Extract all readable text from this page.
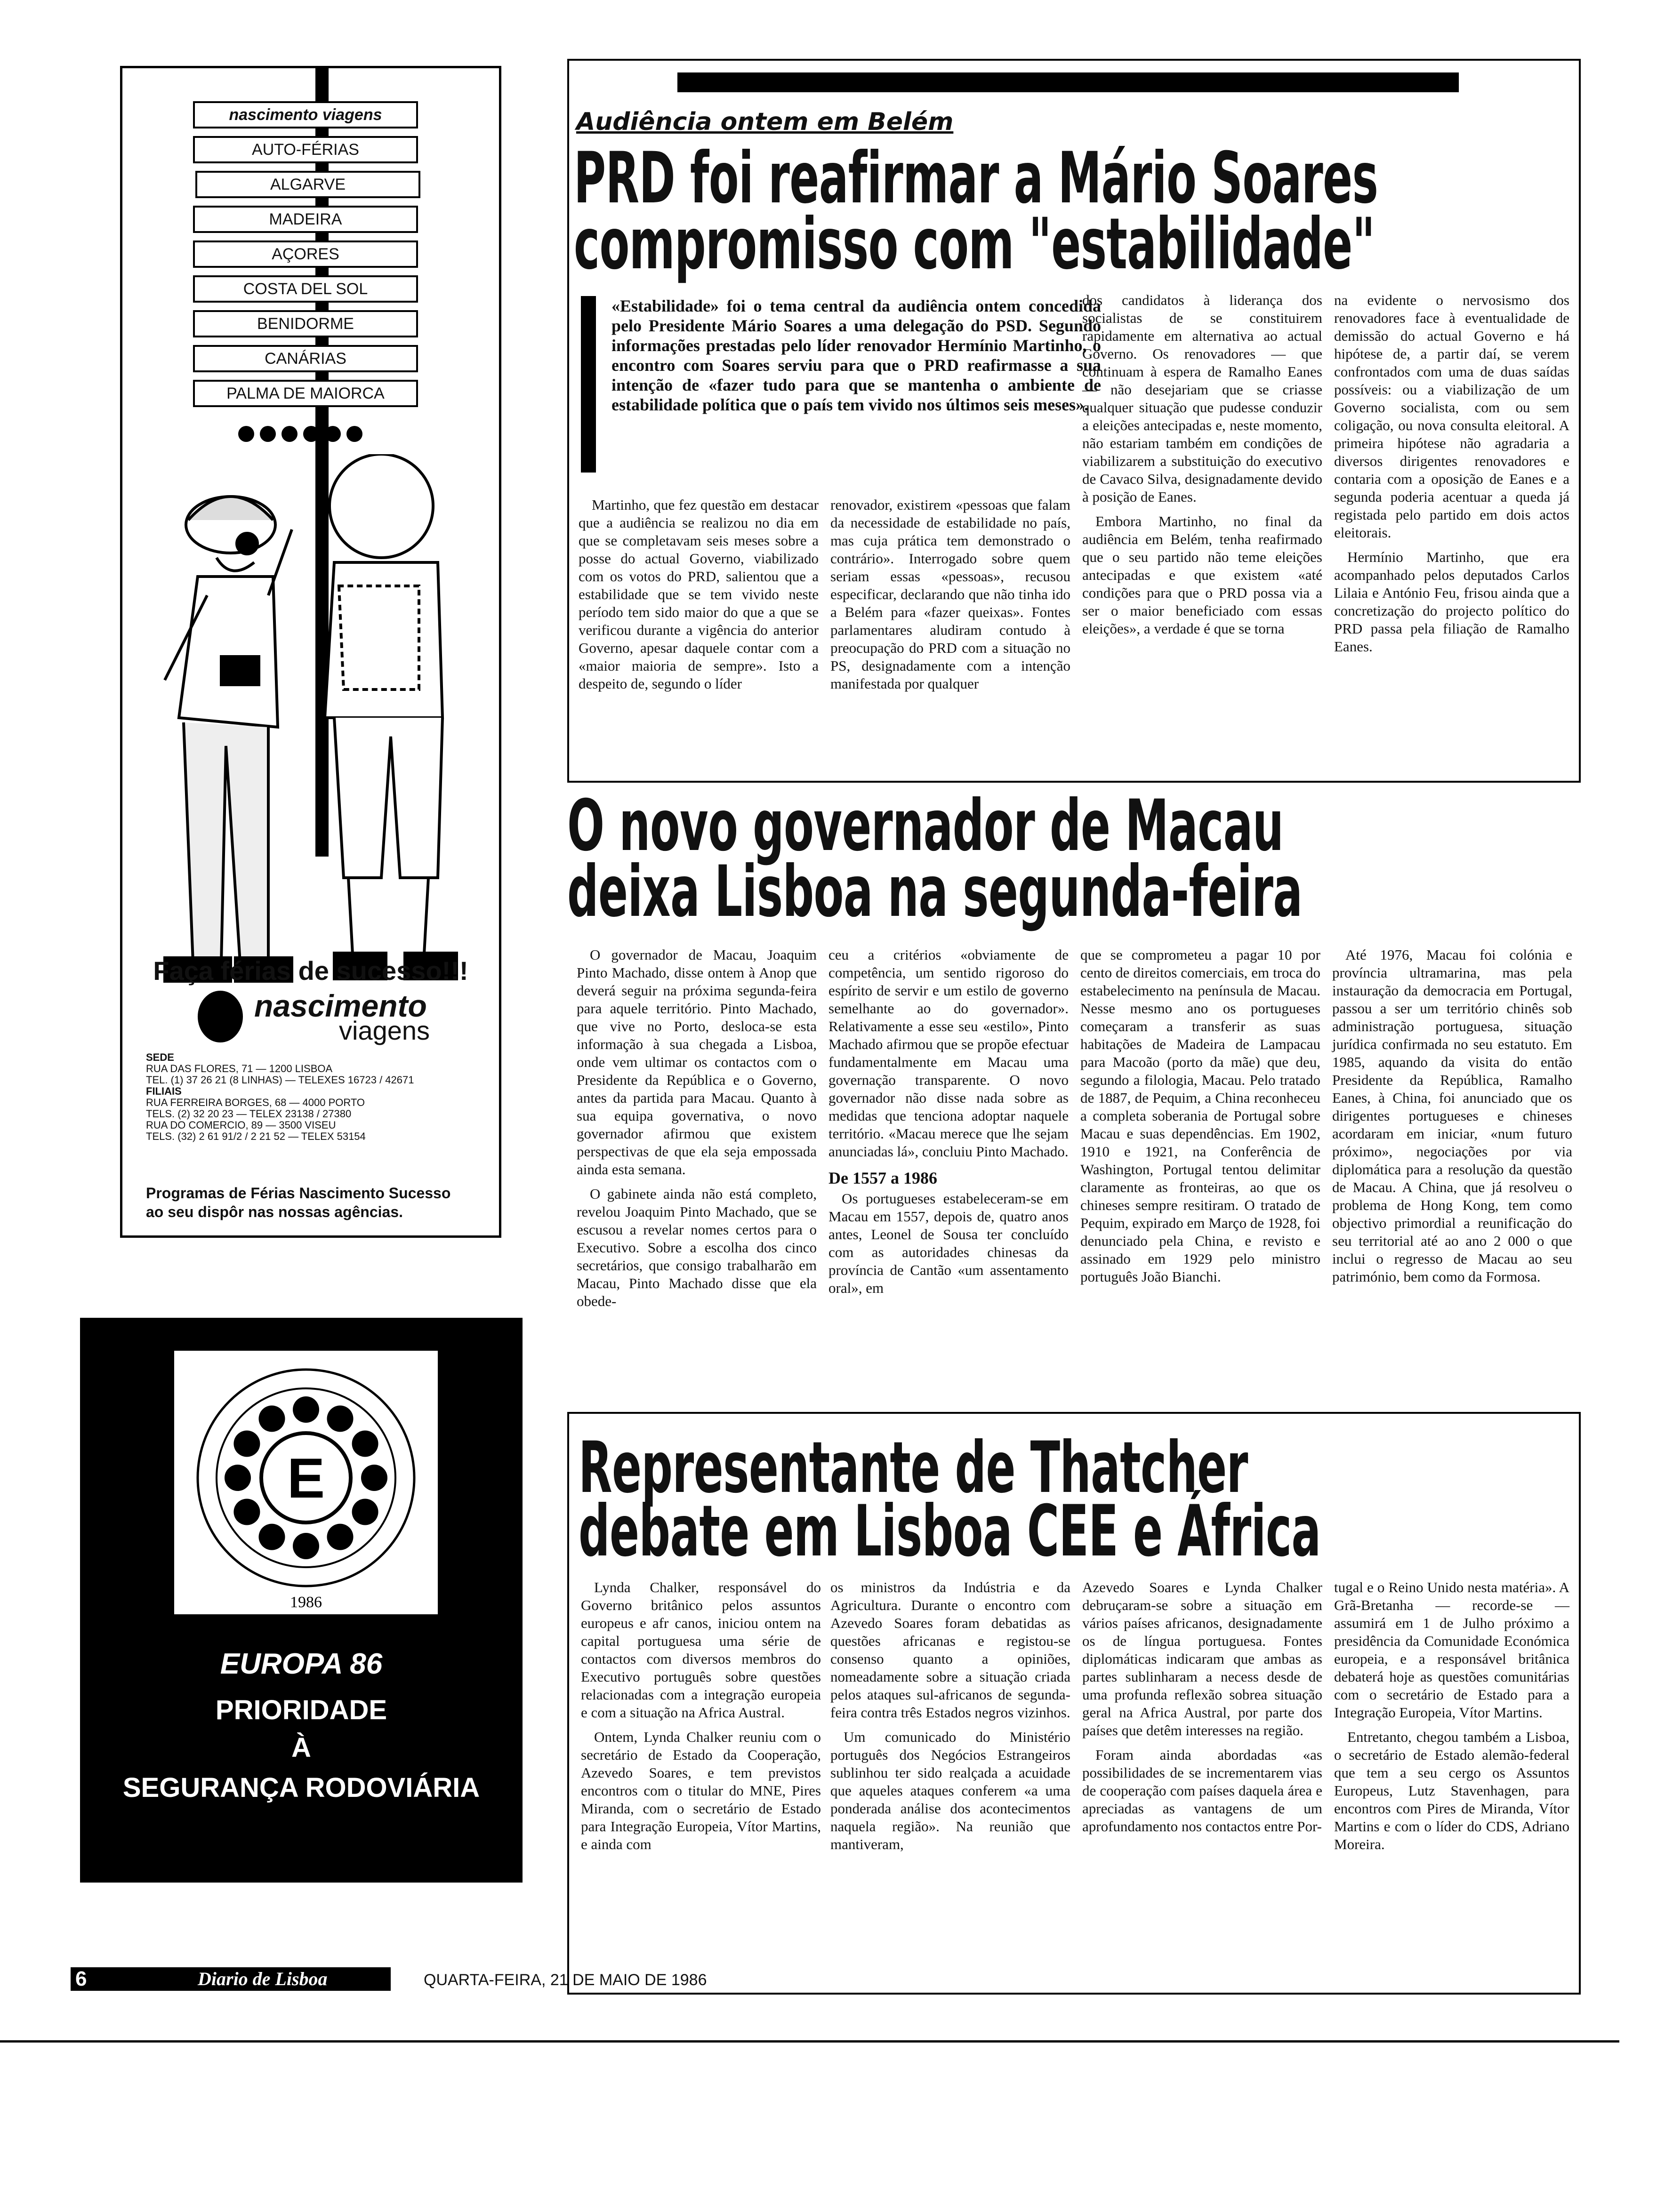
nascimento viagens
AUTO-FÉRIAS
ALGARVE
MADEIRA
AÇORES
COSTA DEL SOL
BENIDORME
CANÁRIAS
PALMA DE MAIORCA
Faça férias de sucesso!!!
nascimento
viagens
SEDE
RUA DAS FLORES, 71 — 1200 LISBOA
TEL. (1) 37 26 21 (8 LINHAS) — TELEXES 16723 / 42671
FILIAIS
RUA FERREIRA BORGES, 68 — 4000 PORTO
TELS. (2) 32 20 23 — TELEX 23138 / 27380
RUA DO COMERCIO, 89 — 3500 VISEU
TELS. (32) 2 61 91/2 / 2 21 52 — TELEX 53154
Programas de Férias Nascimento Sucesso
ao seu dispôr nas nossas agências.
E
1986
EUROPA 86
PRIORIDADE
À
SEGURANÇA RODOVIÁRIA
Audiência ontem em Belém
PRD foi reafirmar a Mário Soares
compromisso com "estabilidade"
«Estabilidade» foi o tema central da audiência ontem concedida pelo Presidente Mário Soares a uma delegação do PSD. Segundo informações prestadas pelo líder renovador Hermínio Martinho, o encontro com Soares serviu para que o PRD reafirmasse a sua intenção de «fazer tudo para que se mantenha o ambiente de estabilidade política que o país tem vivido nos últimos seis meses».

Martinho, que fez questão em destacar que a audiência se realizou no dia em que se completavam seis meses sobre a posse do actual Governo, viabilizado com os votos do PRD, salientou que a estabilidade que se tem vivido neste período tem sido maior do que a que se verificou durante a vigência do anterior Governo, apesar daquele contar com a «maior maioria de sempre». Isto a despeito de, segundo o líder

renovador, existirem «pessoas que falam da necessidade de estabilidade no país, mas cuja prática tem demonstrado o contrário». Interrogado sobre quem seriam essas «pessoas», recusou especificar, declarando que não tinha ido a Belém para «fazer queixas». Fontes parlamentares aludiram contudo à preocupação do PRD com a situação no PS, designadamente com a intenção manifestada por qualquer

dos candidatos à liderança dos socialistas de se constituirem rapidamente em alternativa ao actual Governo. Os renovadores — que continuam à espera de Ramalho Eanes — não desejariam que se criasse qualquer situação que pudesse conduzir a eleições antecipadas e, neste momento, não estariam também em condições de viabilizarem a substituição do executivo de Cavaco Silva, designadamente devido à posição de Eanes.

Embora Martinho, no final da audiência em Belém, tenha reafirmado que o seu partido não teme eleições antecipadas e que existem «até condições para que o PRD possa via a ser o maior beneficiado com essas eleições», a verdade é que se torna

na evidente o nervosismo dos renovadores face à eventualidade de demissão do actual Governo e há hipótese de, a partir daí, se verem confrontados com uma de duas saídas possíveis: ou a viabilização de um Governo socialista, com ou sem coligação, ou nova consulta eleitoral. A primeira hipótese não agradaria a diversos dirigentes renovadores e contaria com a oposição de Eanes e a segunda poderia acentuar a queda já registada pelo partido em dois actos eleitorais.

Hermínio Martinho, que era acompanhado pelos deputados Carlos Lilaia e António Feu, frisou ainda que a concretização do projecto político do PRD passa pela filiação de Ramalho Eanes.

O novo governador de Macau
deixa Lisboa na segunda-feira

O governador de Macau, Joaquim Pinto Machado, disse ontem à Anop que deverá seguir na próxima segunda-feira para aquele território. Pinto Machado, que vive no Porto, desloca-se esta informação à sua chegada a Lisboa, onde vem ultimar os contactos com o Presidente da República e o Governo, antes da partida para Macau. Quanto à sua equipa governativa, o novo governador afirmou que existem perspectivas de que ela seja empossada ainda esta semana.

O gabinete ainda não está completo, revelou Joaquim Pinto Machado, que se escusou a revelar nomes certos para o Executivo. Sobre a escolha dos cinco secretários, que consigo trabalharão em Macau, Pinto Machado disse que ela obede-

ceu a critérios «obviamente de competência, um sentido rigoroso do espírito de servir e um estilo de governo semelhante ao do governador». Relativamente a esse seu «estilo», Pinto Machado afirmou que se propõe efectuar fundamentalmente em Macau uma governação transparente. O novo governador não disse nada sobre as medidas que tenciona adoptar naquele território. «Macau merece que lhe sejam anunciadas lá», concluiu Pinto Machado.

De 1557 a 1986

Os portugueses estabeleceram-se em Macau em 1557, depois de, quatro anos antes, Leonel de Sousa ter concluído com as autoridades chinesas da província de Cantão «um assentamento oral», em

que se comprometeu a pagar 10 por cento de direitos comerciais, em troca do estabelecimento na península de Macau. Nesse mesmo ano os portugueses começaram a transferir as suas habitações de Madeira de Lampacau para Macoão (porto da mãe) que deu, segundo a filologia, Macau. Pelo tratado de 1887, de Pequim, a China reconheceu a completa soberania de Portugal sobre Macau e suas dependências. Em 1902, 1910 e 1921, na Conferência de Washington, Portugal tentou delimitar claramente as fronteiras, ao que os chineses sempre resitiram. O tratado de Pequim, expirado em Março de 1928, foi denunciado pela China, e revisto e assinado em 1929 pelo ministro português João Bianchi.

Até 1976, Macau foi colónia e província ultramarina, mas pela instauração da democracia em Portugal, passou a ser um território chinês sob administração portuguesa, situação jurídica confirmada no seu estatuto. Em 1985, aquando da visita do então Presidente da República, Ramalho Eanes, à China, foi anunciado que os dirigentes portugueses e chineses acordaram em iniciar, «num futuro próximo», negociações por via diplomática para a resolução da questão de Macau. A China, que já resolveu o problema de Hong Kong, tem como objectivo primordial a reunificação do seu territorial até ao ano 2 000 o que inclui o regresso de Macau ao seu património, bem como da Formosa.

Representante de Thatcher
debate em Lisboa CEE e África

Lynda Chalker, responsável do Governo britânico pelos assuntos europeus e afr canos, iniciou ontem na capital portuguesa uma série de contactos com diversos membros do Executivo português sobre questões relacionadas com a integração europeia e com a situação na Africa Austral.

Ontem, Lynda Chalker reuniu com o secretário de Estado da Cooperação, Azevedo Soares, e tem previstos encontros com o titular do MNE, Pires Miranda, com o secretário de Estado para Integração Europeia, Vítor Martins, e ainda com

os ministros da Indústria e da Agricultura. Durante o encontro com Azevedo Soares foram debatidas as questões africanas e registou-se consenso quanto a opiniões, nomeadamente sobre a situação criada pelos ataques sul-africanos de segunda-feira contra três Estados negros vizinhos.

Um comunicado do Ministério português dos Negócios Estrangeiros sublinhou ter sido realçada a acuidade que aqueles ataques conferem «a uma ponderada análise dos acontecimentos naquela região». Na reunião que mantiveram,

Azevedo Soares e Lynda Chalker debruçaram-se sobre a situação em vários países africanos, designadamente os de língua portuguesa. Fontes diplomáticas indicaram que ambas as partes sublinharam a necess desde de uma profunda reflexão sobrea situação geral na Africa Austral, por parte dos países que detêm interesses na região.

Foram ainda abordadas «as possibilidades de se incrementarem vias de cooperação com países daquela área e apreciadas as vantagens de um aprofundamento nos contactos entre Por-

tugal e o Reino Unido nesta matéria». A Grã-Bretanha — recorde-se — assumirá em 1 de Julho próximo a presidência da Comunidade Económica europeia, e a responsável britânica debaterá hoje as questões comunitárias com o secretário de Estado para a Integração Europeia, Vítor Martins.

Entretanto, chegou também a Lisboa, o secretário de Estado alemão-federal que tem a seu cergo os Assuntos Europeus, Lutz Stavenhagen, para encontros com Pires de Miranda, Vítor Martins e com o líder do CDS, Adriano Moreira.

6	Diario de Lisboa	QUARTA-FEIRA, 21 DE MAIO DE 1986
